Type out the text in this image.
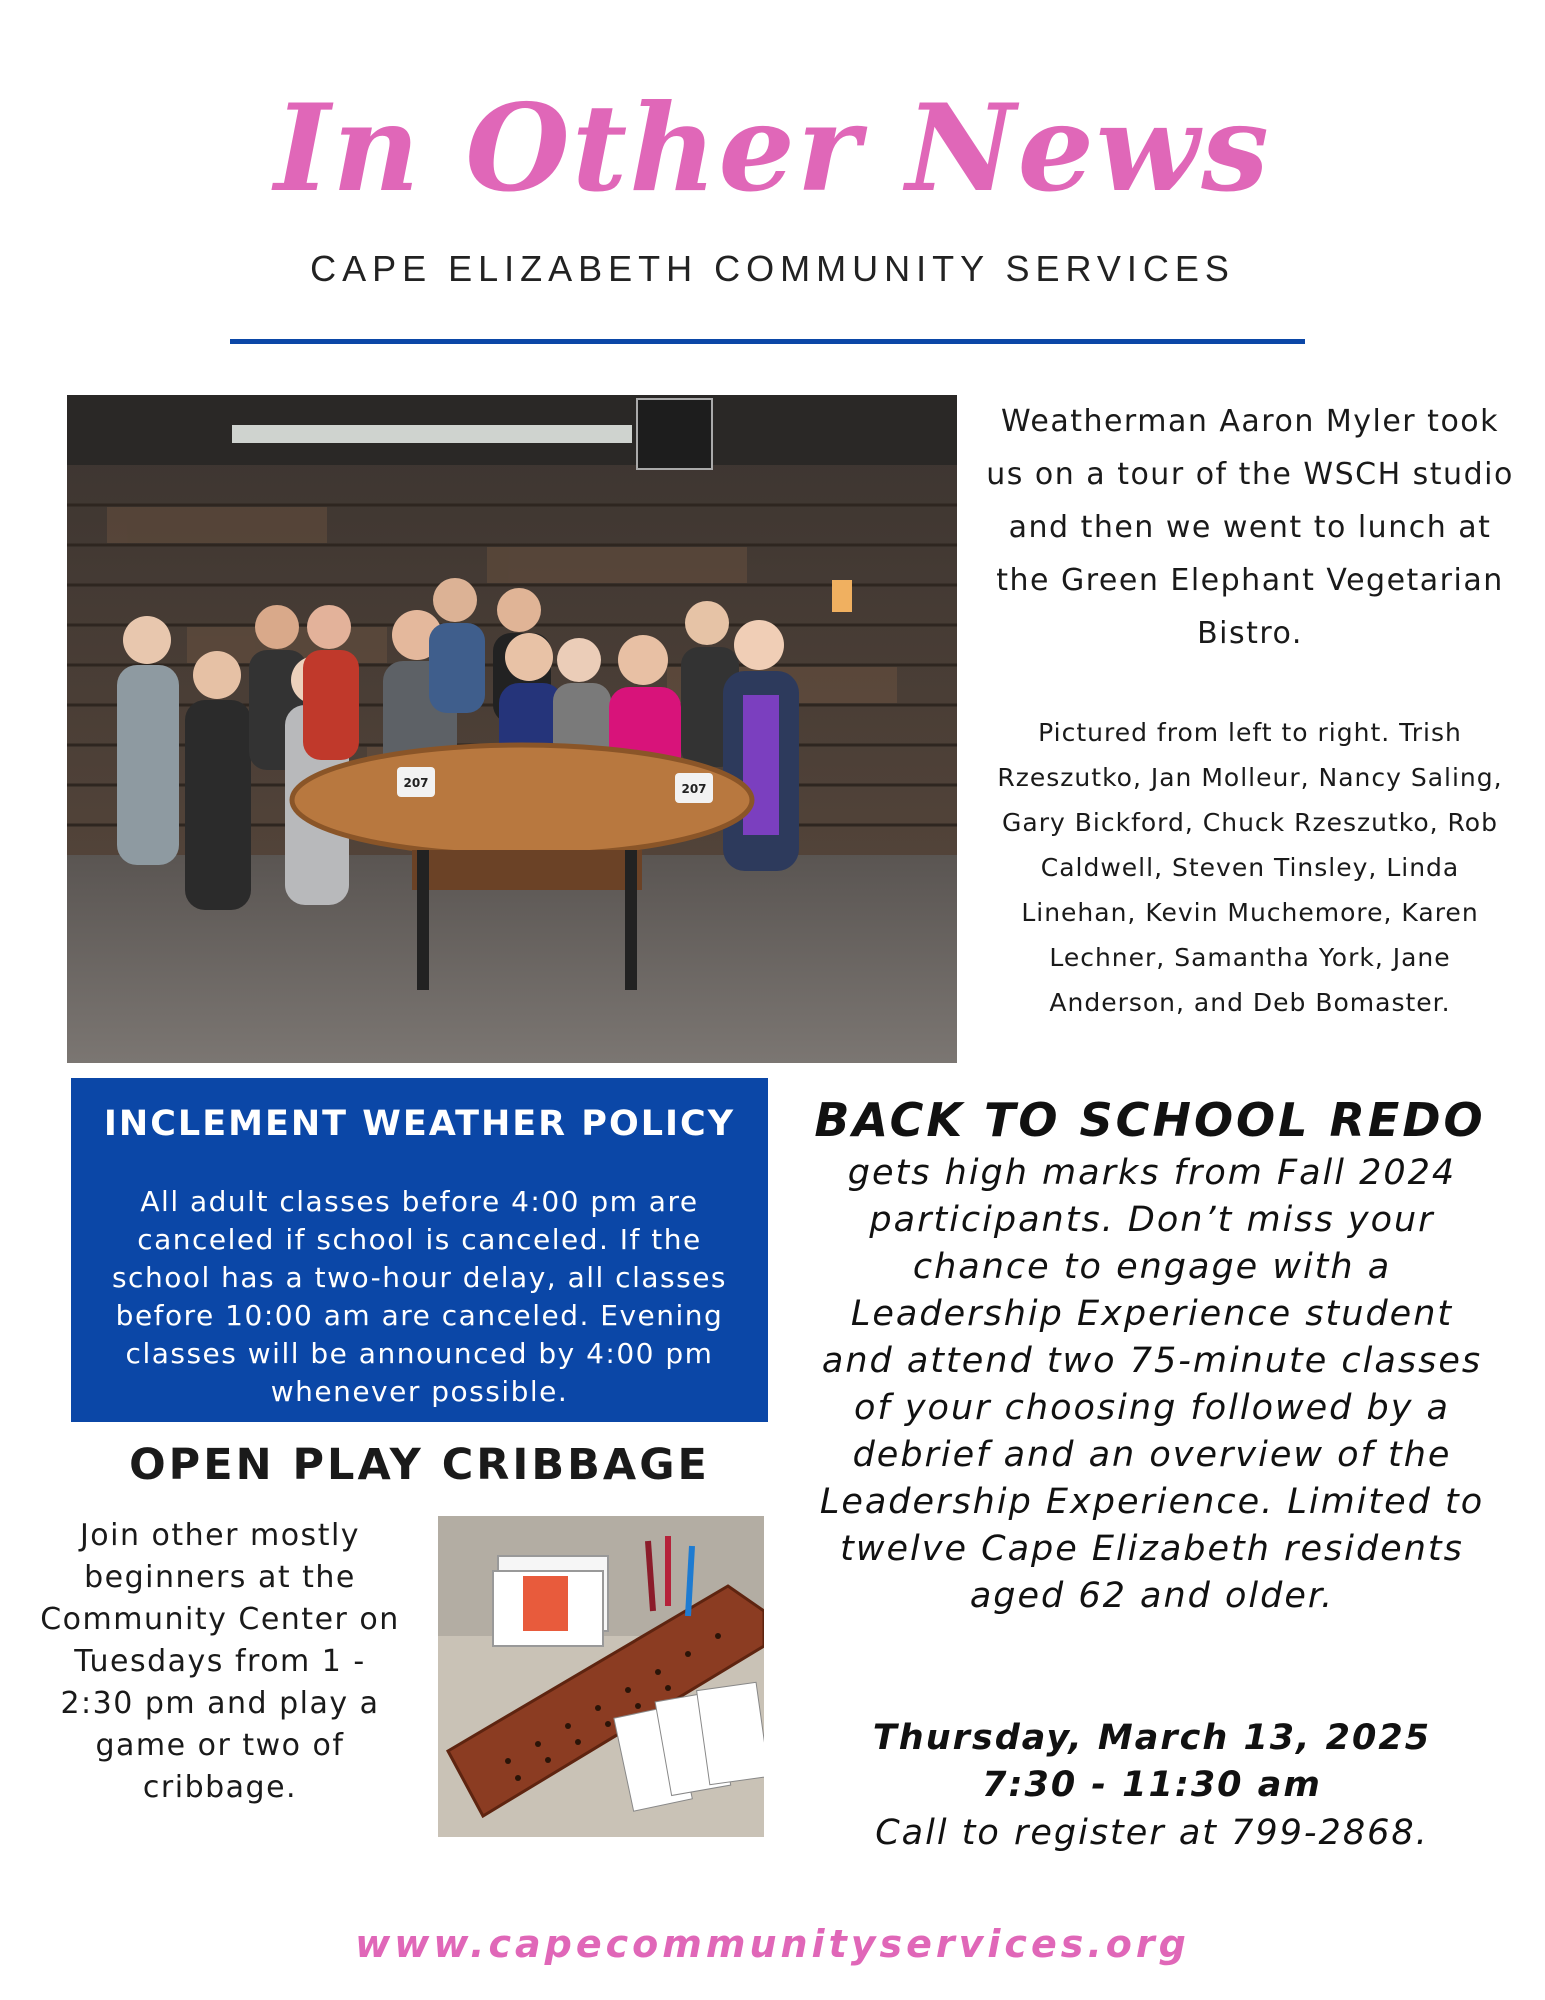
In Other News
CAPE ELIZABETH COMMUNITY SERVICES
207	207
Weatherman Aaron Myler took us on a tour of the WSCH studio and then we went to lunch at the Green Elephant Vegetarian Bistro.
Pictured from left to right. Trish Rzeszutko, Jan Molleur, Nancy Saling, Gary Bickford, Chuck Rzeszutko, Rob Caldwell, Steven Tinsley, Linda Linehan, Kevin Muchemore, Karen Lechner, Samantha York, Jane Anderson, and Deb Bomaster.
INCLEMENT WEATHER POLICY
All adult classes before 4:00 pm are canceled if school is canceled. If the school has a two-hour delay, all classes before 10:00 am are canceled. Evening classes will be announced by 4:00 pm whenever possible.
OPEN PLAY CRIBBAGE
Join other mostly beginners at the Community Center on Tuesdays from 1 - 2:30 pm and play a game or two of cribbage.
BACK TO SCHOOL REDO
gets high marks from Fall 2024 participants. Don’t miss your chance to engage with a Leadership Experience student and attend two 75-minute classes of your choosing followed by a debrief and an overview of the Leadership Experience. Limited to twelve Cape Elizabeth residents aged 62 and older.
Thursday, March 13, 2025
7:30 - 11:30 am
Call to register at 799-2868.
www.capecommunityservices.org
